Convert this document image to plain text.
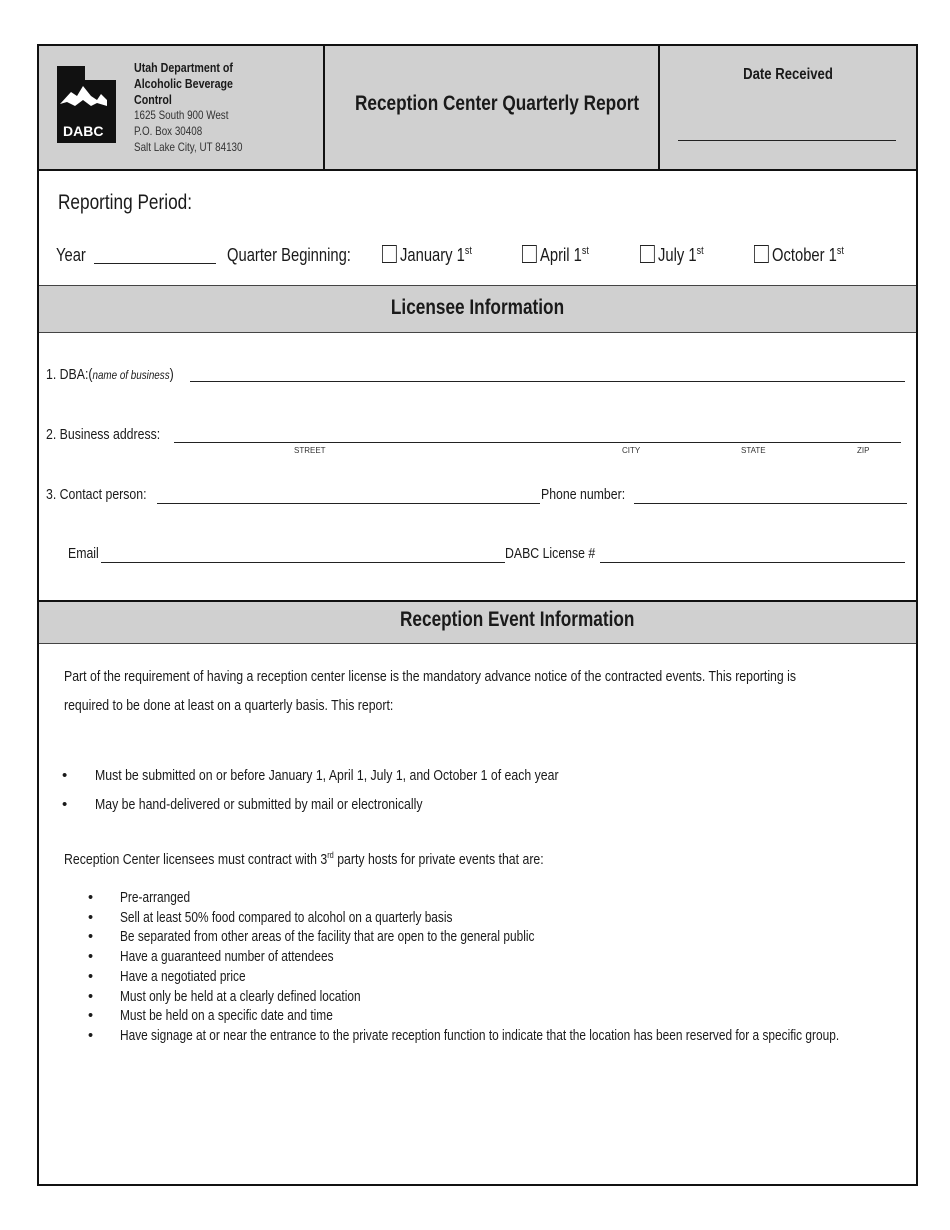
DABC
Utah Department of
Alcoholic Beverage
Control
1625 South 900 West
P.O. Box 30408
Salt Lake City, UT 84130
Reception Center Quarterly Report
Date Received
Reporting Period:
Year	Quarter Beginning:	January 1st	April 1st	July 1st	October 1st
Licensee Information
1. DBA:(name of business)
2. Business address:
STREET	CITY	STATE	ZIP
3. Contact person:	Phone number:
Email	DABC License #
Reception Event Information
Part of the requirement of having a reception center license is the mandatory advance notice of the contracted events. This reporting is
required to be done at least on a quarterly basis. This report:
• Must be submitted on or before January 1, April 1, July 1, and October 1 of each year
• May be hand-delivered or submitted by mail or electronically
Reception Center licensees must contract with 3rd party hosts for private events that are:
• Pre-arranged
• Sell at least 50% food compared to alcohol on a quarterly basis
• Be separated from other areas of the facility that are open to the general public
• Have a guaranteed number of attendees
• Have a negotiated price
• Must only be held at a clearly defined location
• Must be held on a specific date and time
• Have signage at or near the entrance to the private reception function to indicate that the location has been reserved for a specific group.
